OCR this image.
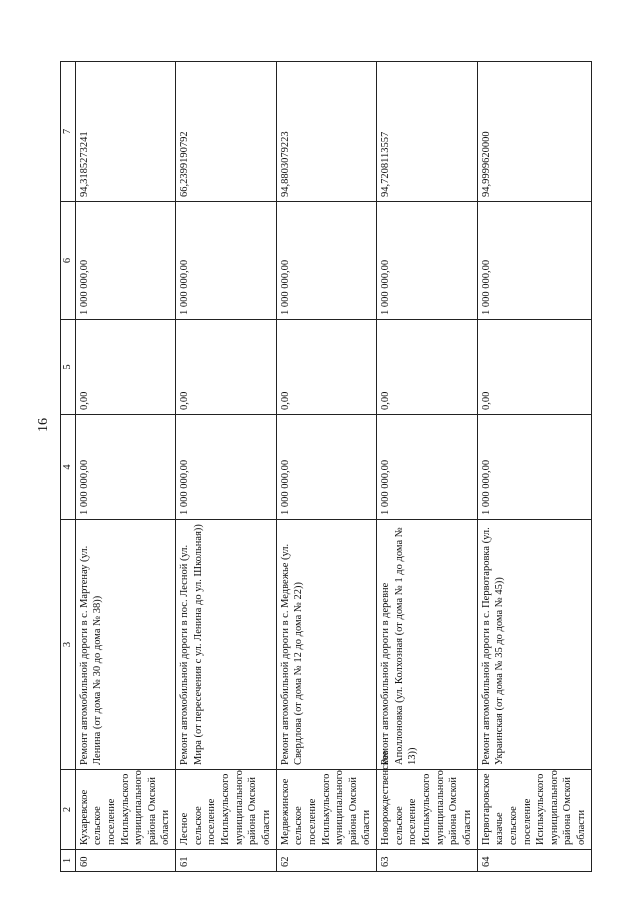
16
1	2	3	4	5	6	7
60	Кухаревское сельское поселение Исилькульского муниципального района Омской области	Ремонт автомобильной дороги в с. Мартенау (ул. Ленина (от дома № 30 до дома № 38))	1 000 000,00	0,00	1 000 000,00	94,3185273241
61	Лесное сельское поселение Исилькульского муниципального района Омской области	Ремонт автомобильной дороги в пос. Лесной (ул. Мира (от пересечения с ул. Ленина до ул. Школьная))	1 000 000,00	0,00	1 000 000,00	66,2399190792
62	Медвежинское сельское поселение Исилькульского муниципального района Омской области	Ремонт автомобильной дороги в с. Медвежье (ул. Свердлова (от дома № 12 до дома № 22))	1 000 000,00	0,00	1 000 000,00	94,8803079223
63	Новорождественское сельское поселение Исилькульского муниципального района Омской области	Ремонт автомобильной дороги в деревне Аполлоновка (ул. Колхозная (от дома № 1 до дома № 13))	1 000 000,00	0,00	1 000 000,00	94,7208113557
64	Первотаровское казачье сельское поселение Исилькульского муниципального района Омской области	Ремонт автомобильной дороги в с. Первотаровка (ул. Украинская (от дома № 35 до дома № 45))	1 000 000,00	0,00	1 000 000,00	94,9999620000
